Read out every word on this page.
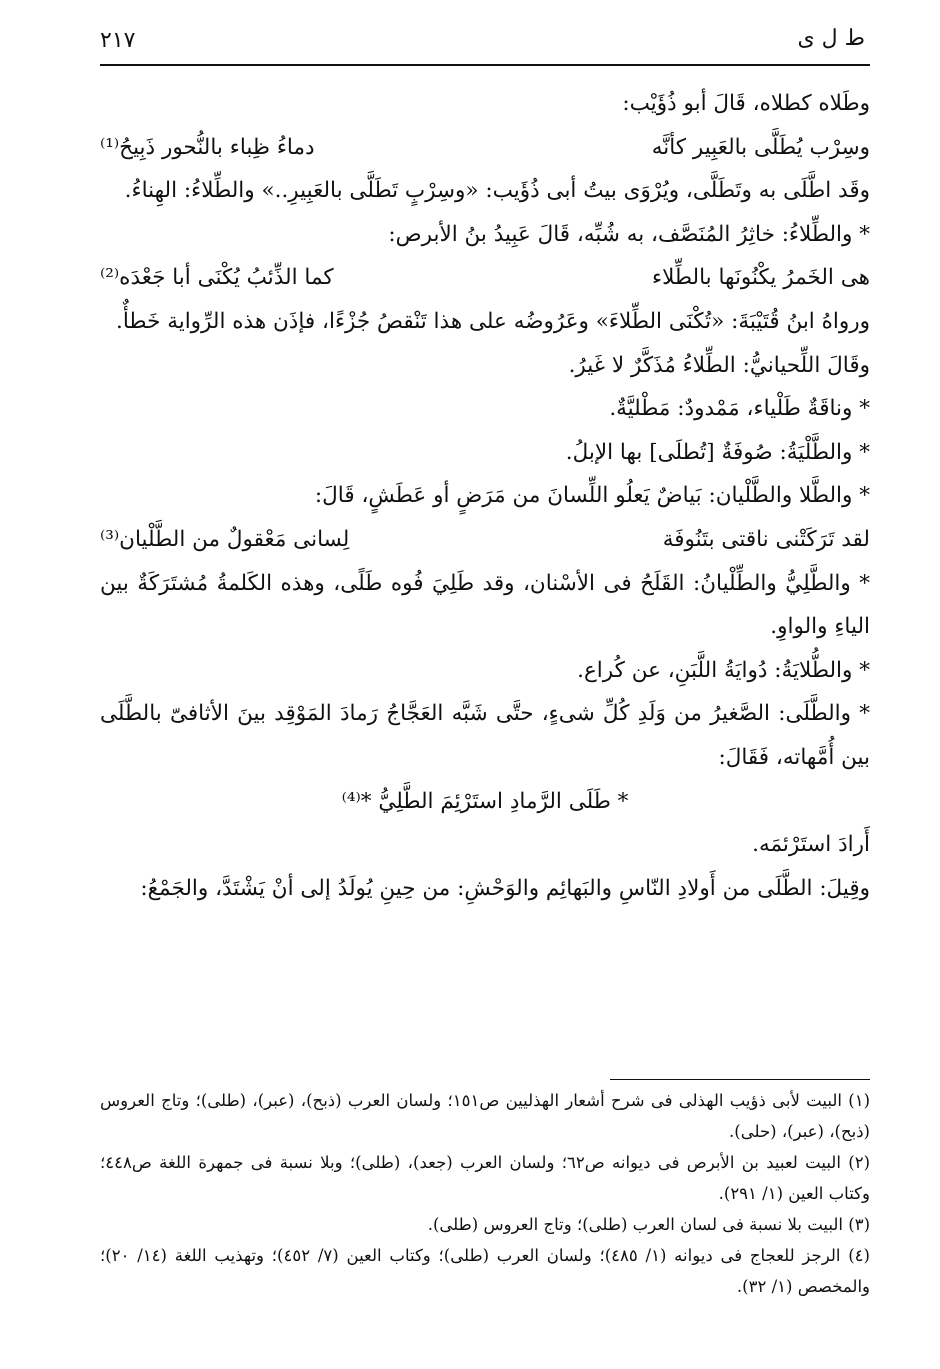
٢١٧	ط ل ى

وطَلاه كطلاه، قَالَ أبو ذُؤَيْب:

وسِرْب يُطَلَّى بالعَبِير كأنَّه
دماءُ ظِباء بالنُّحور ذَبِيحُ⁽¹⁾

وقَد اطَّلَى به وتَطَلَّى، ويُرْوَى بيتُ أبى ذُؤَيب: «وسِرْبٍ تَطَلَّى بالعَبِيرِ..» والطِّلاءُ: الهِناءُ.

* والطِّلاءُ: خاثِرُ المُنَصَّف، به شُبِّه، قَالَ عَبِيدُ بنُ الأبرص:

هى الخَمرُ يكْنُونَها بالطِّلاء
كما الذِّئبُ يُكْنَى أبا جَعْدَه⁽²⁾

ورواهُ ابنُ قُتَيْبَةَ: «تُكْنَى الطِّلاءَ» وعَرُوضُه على هذا تَنْقصُ جُزْءًا، فإذَن هذه الرِّواية خَطأٌ.

وقَالَ اللِّحيانيُّ: الطِّلاءُ مُذَكَّرٌ لا غَيرُ.

* وناقَةٌ طَلْياء، مَمْدودٌ: مَطْليَّةٌ.

* والطَّلْيَةُ: صُوفَةٌ [تُطلَى] بها الإبلُ.

* والطَّلا والطَّلْيان: بَياضٌ يَعلُو اللِّسانَ من مَرَضٍ أو عَطَشٍ، قَالَ:

لقد تَرَكَتْنى ناقتى بتَنُوفَة
لِسانى مَعْقولٌ من الطَّلْيان⁽³⁾

* والطَّلِيُّ والطِّلْيانُ: القَلَحُ فى الأسْنان، وقد طَلِيَ فُوه طَلًى، وهذه الكَلمةُ مُشتَرَكَةٌ بين الياءِ والواوِ.

* والطُّلايَةُ: دُوايَةُ اللَّبَنِ، عن كُراع.

* والطَّلَى: الصَّغيرُ من وَلَدِ كُلِّ شىءٍ، حتَّى شَبَّه العَجَّاجُ رَمادَ المَوْقِد بينَ الأثافىّ بالطَّلَى بين أُمَّهاته، فَقَالَ:

* طَلَى الرَّمادِ استَرْئِمَ الطَّلِيُّ *⁽⁴⁾

أَرادَ استَرْئمَه.

وقِيلَ: الطَّلَى من أَولادِ النّاسِ والبَهائِم والوَحْشِ: من حِينِ يُولَدُ إلى أنْ يَشْتَدَّ، والجَمْعُ:

(١) البيت لأبى ذؤيب الهذلى فى شرح أشعار الهذليين ص١٥١؛ ولسان العرب (ذبح)، (عبر)، (طلى)؛ وتاج العروس (ذبح)، (عبر)، (حلى).

(٢) البيت لعبيد بن الأبرص فى ديوانه ص٦٢؛ ولسان العرب (جعد)، (طلى)؛ وبلا نسبة فى جمهرة اللغة ص٤٤٨؛ وكتاب العين (١/ ٢٩١).

(٣) البيت بلا نسبة فى لسان العرب (طلى)؛ وتاج العروس (طلى).

(٤) الرجز للعجاج فى ديوانه (١/ ٤٨٥)؛ ولسان العرب (طلى)؛ وكتاب العين (٧/ ٤٥٢)؛ وتهذيب اللغة (١٤/ ٢٠)؛ والمخصص (١/ ٣٢).
